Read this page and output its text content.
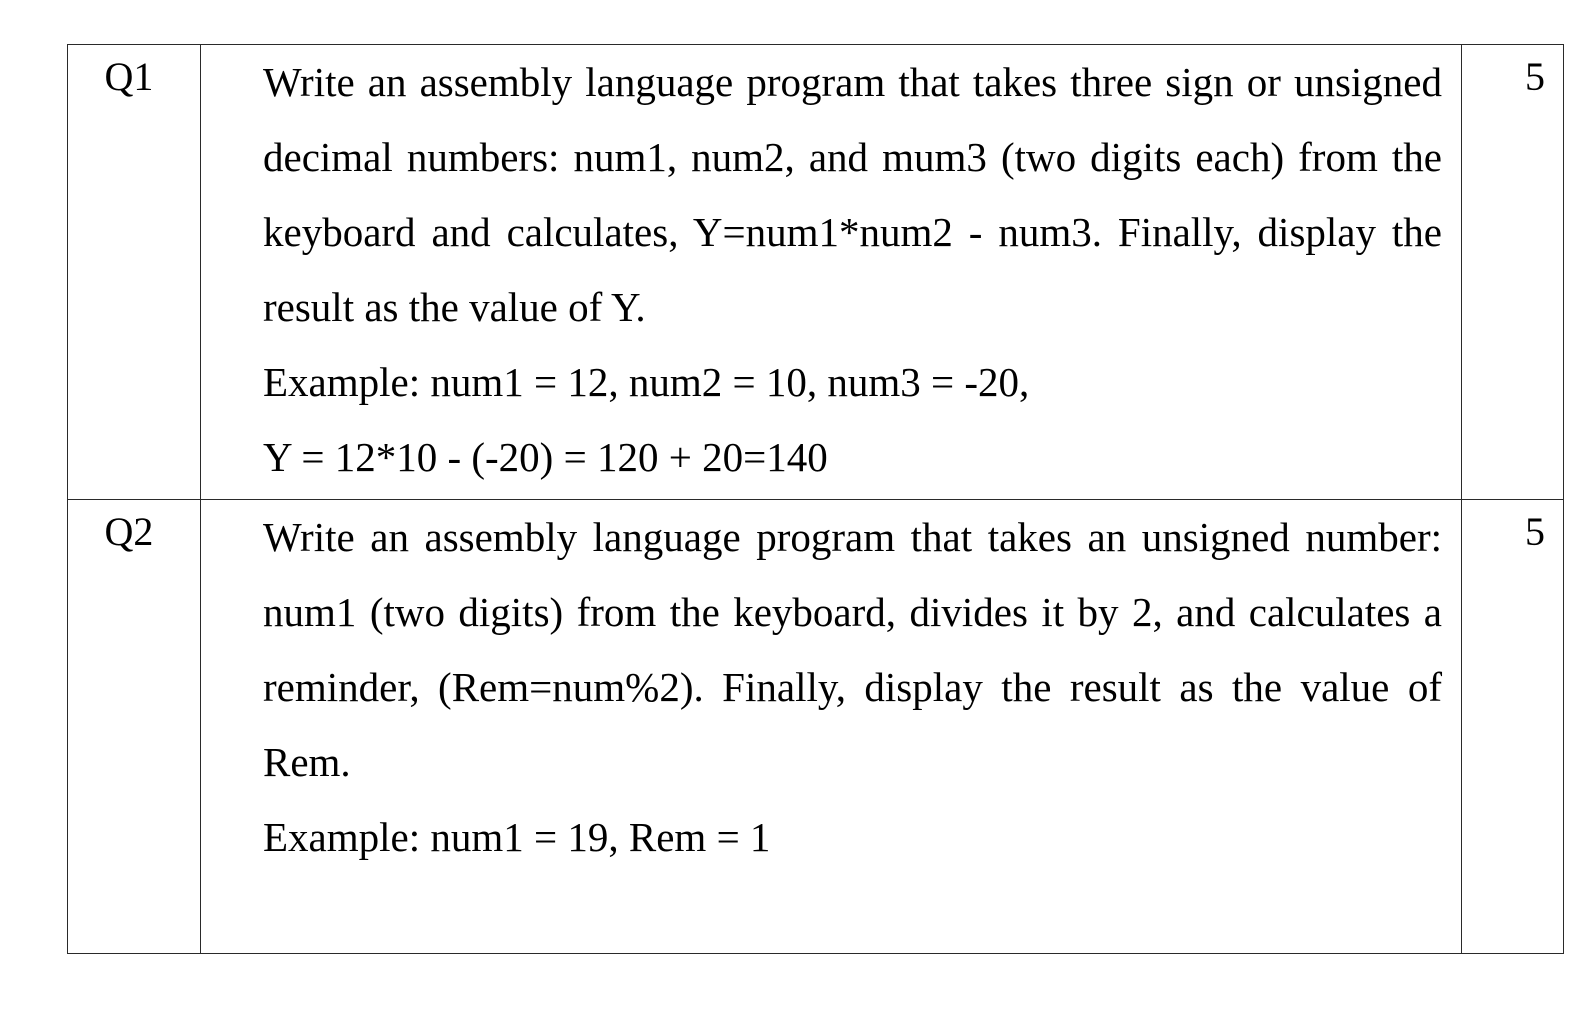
Q1	Write an assembly language program that takes three sign or unsigned decimal numbers: num1, num2, and mum3 (two digits each) from the keyboard and calculates, Y=num1*num2 - num3. Finally, display the result as the value of Y.

Example: num1 = 12, num2 = 10, num3 = -20,

Y = 12*10 - (-20) = 120 + 20=140	5
Q2	Write an assembly language program that takes an unsigned number: num1 (two digits) from the keyboard, divides it by 2, and calculates a reminder, (Rem=num%2). Finally, display the result as the value of Rem.

Example: num1 = 19, Rem = 1	5
